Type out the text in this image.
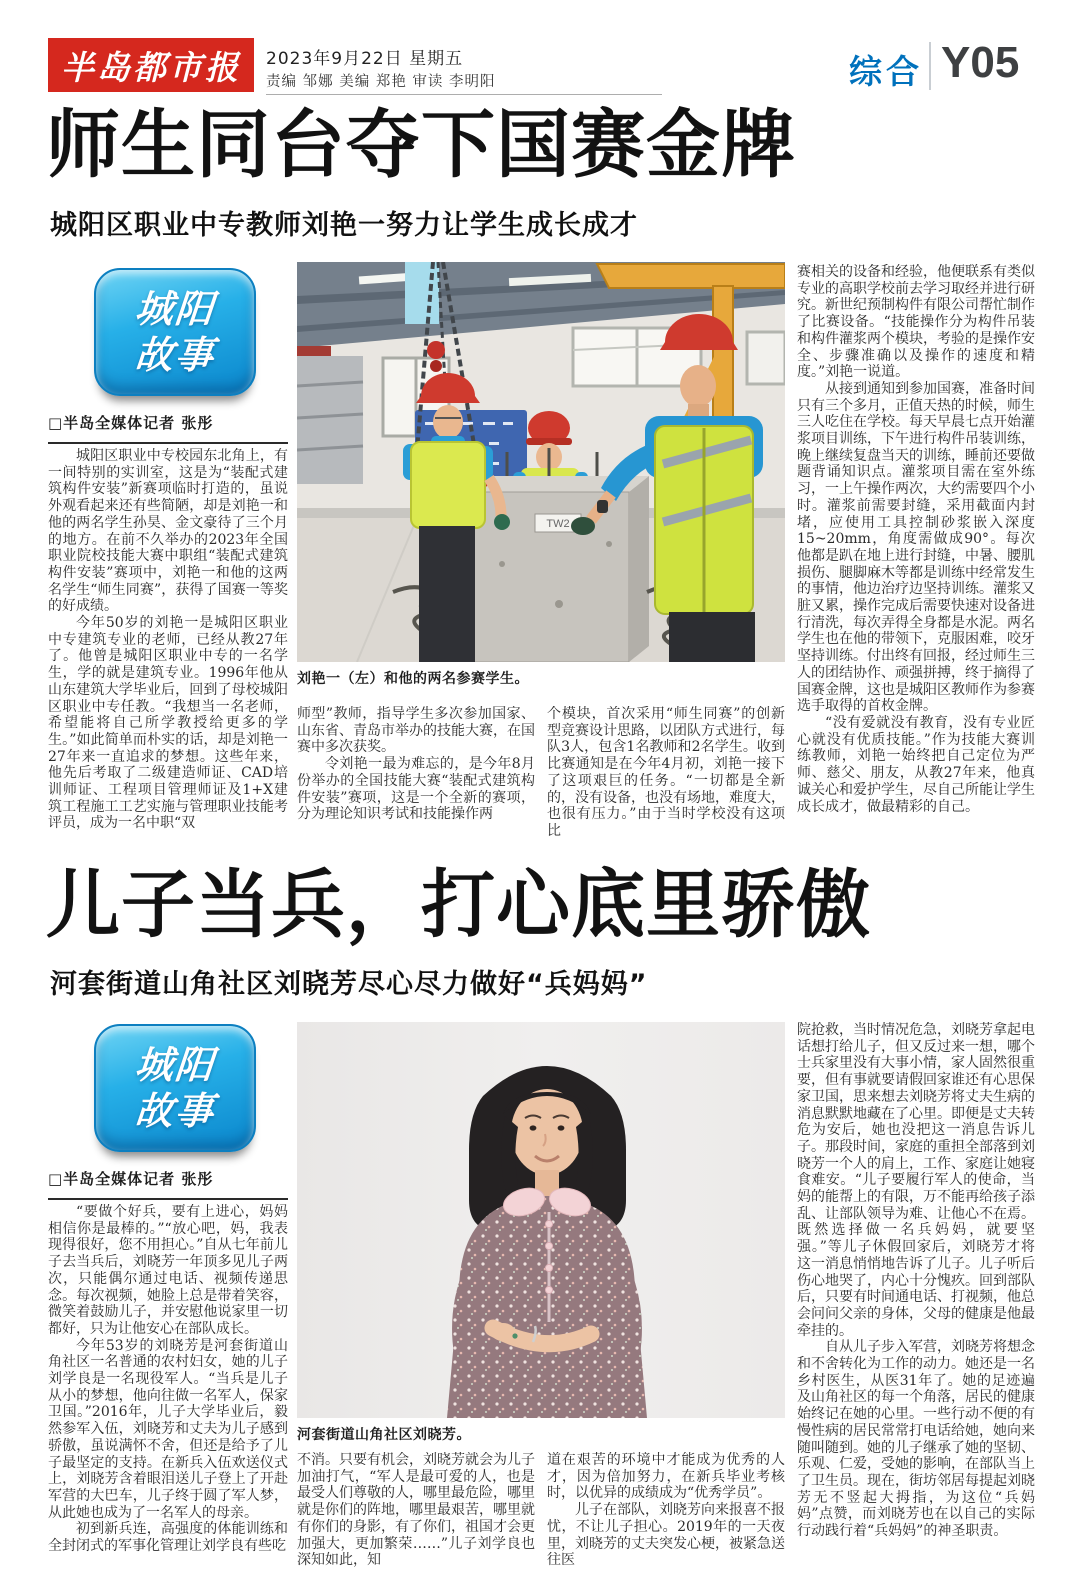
半岛都市报	2023年9月22日 星期五
责编 邹娜 美编 郑艳 审读 李明阳	综合 Y05
师生同台夺下国赛金牌
城阳区职业中专教师刘艳一努力让学生成长成才
城阳
故事
□半岛全媒体记者 张彤

城阳区职业中专校园东北角上，有一间特别的实训室，这是为“装配式建筑构件安装”新赛项临时打造的，虽说外观看起来还有些简陋，却是刘艳一和他的两名学生孙昊、金文豪待了三个月的地方。在前不久举办的2023年全国职业院校技能大赛中职组“装配式建筑构件安装”赛项中，刘艳一和他的这两名学生“师生同赛”，获得了国赛一等奖的好成绩。

今年50岁的刘艳一是城阳区职业中专建筑专业的老师，已经从教27年了。他曾是城阳区职业中专的一名学生，学的就是建筑专业。1996年他从山东建筑大学毕业后，回到了母校城阳区职业中专任教。“我想当一名老师，希望能将自己所学教授给更多的学生。”如此简单而朴实的话，却是刘艳一27年来一直追求的梦想。这些年来，他先后考取了二级建造师证、CAD培训师证、工程项目管理师证及1+X建筑工程施工工艺实施与管理职业技能考评员，成为一名中职“双

TW2
刘艳一（左）和他的两名参赛学生。

师型”教师，指导学生多次参加国家、山东省、青岛市举办的技能大赛，在国赛中多次获奖。

令刘艳一最为难忘的，是今年8月份举办的全国技能大赛“装配式建筑构件安装”赛项，这是一个全新的赛项，分为理论知识考试和技能操作两

个模块，首次采用“师生同赛”的创新型竞赛设计思路，以团队方式进行，每队3人，包含1名教师和2名学生。收到比赛通知是在今年4月初，刘艳一接下了这项艰巨的任务。“一切都是全新的，没有设备，也没有场地，难度大，也很有压力。”由于当时学校没有这项比

赛相关的设备和经验，他便联系有类似专业的高职学校前去学习取经并进行研究。新世纪预制构件有限公司帮忙制作了比赛设备。“技能操作分为构件吊装和构件灌浆两个模块，考验的是操作安全、步骤准确以及操作的速度和精度。”刘艳一说道。

从接到通知到参加国赛，准备时间只有三个多月，正值天热的时候，师生三人吃住在学校。每天早晨七点开始灌浆项目训练，下午进行构件吊装训练，晚上继续复盘当天的训练，睡前还要做题背诵知识点。灌浆项目需在室外练习，一上午操作两次，大约需要四个小时。灌浆前需要封缝，采用截面内封堵，应使用工具控制砂浆嵌入深度15~20mm，角度需做成90°。每次他都是趴在地上进行封缝，中暑、腰肌损伤、腿脚麻木等都是训练中经常发生的事情，他边治疗边坚持训练。灌浆又脏又累，操作完成后需要快速对设备进行清洗，每次弄得全身都是水泥。两名学生也在他的带领下，克服困难，咬牙坚持训练。付出终有回报，经过师生三人的团结协作、顽强拼搏，终于摘得了国赛金牌，这也是城阳区教师作为参赛选手取得的首枚金牌。

“没有爱就没有教育，没有专业匠心就没有优质技能。”作为技能大赛训练教师，刘艳一始终把自己定位为严师、慈父、朋友，从教27年来，他真诚关心和爱护学生，尽自己所能让学生成长成才，做最精彩的自己。

儿子当兵，打心底里骄傲
河套街道山角社区刘晓芳尽心尽力做好“兵妈妈”
城阳
故事
□半岛全媒体记者 张彤

“要做个好兵，要有上进心，妈妈相信你是最棒的。”“放心吧，妈，我表现得很好，您不用担心。”自从七年前儿子去当兵后，刘晓芳一年顶多见儿子两次，只能偶尔通过电话、视频传递思念。每次视频，她脸上总是带着笑容，微笑着鼓励儿子，并安慰他说家里一切都好，只为让他安心在部队成长。

今年53岁的刘晓芳是河套街道山角社区一名普通的农村妇女，她的儿子刘学良是一名现役军人。“当兵是儿子从小的梦想，他向往做一名军人，保家卫国。”2016年，儿子大学毕业后，毅然参军入伍，刘晓芳和丈夫为儿子感到骄傲，虽说满怀不舍，但还是给予了儿子最坚定的支持。在新兵入伍欢送仪式上，刘晓芳含着眼泪送儿子登上了开赴军营的大巴车，儿子终于圆了军人梦，从此她也成为了一名军人的母亲。

初到新兵连，高强度的体能训练和全封闭式的军事化管理让刘学良有些吃

河套街道山角社区刘晓芳。

不消。只要有机会，刘晓芳就会为儿子加油打气，“军人是最可爱的人，也是最受人们尊敬的人，哪里最危险，哪里就是你们的阵地，哪里最艰苦，哪里就有你们的身影，有了你们，祖国才会更加强大，更加繁荣……”儿子刘学良也深知如此，知

道在艰苦的环境中才能成为优秀的人才，因为倍加努力，在新兵毕业考核时，以优异的成绩成为“优秀学员”。

儿子在部队，刘晓芳向来报喜不报忧，不让儿子担心。2019年的一天夜里，刘晓芳的丈夫突发心梗，被紧急送往医

院抢救，当时情况危急，刘晓芳拿起电话想打给儿子，但又反过来一想，哪个士兵家里没有大事小情，家人固然很重要，但有事就要请假回家谁还有心思保家卫国，思来想去刘晓芳将丈夫生病的消息默默地藏在了心里。即便是丈夫转危为安后，她也没把这一消息告诉儿子。那段时间，家庭的重担全部落到刘晓芳一个人的肩上，工作、家庭让她寝食难安。“儿子要履行军人的使命，当妈的能帮上的有限，万不能再给孩子添乱、让部队领导为难、让他心不在焉。既然选择做一名兵妈妈，就要坚强。”等儿子休假回家后，刘晓芳才将这一消息悄悄地告诉了儿子。儿子听后伤心地哭了，内心十分愧疚。回到部队后，只要有时间通电话、打视频，他总会问问父亲的身体，父母的健康是他最牵挂的。

自从儿子步入军营，刘晓芳将想念和不舍转化为工作的动力。她还是一名乡村医生，从医31年了。她的足迹遍及山角社区的每一个角落，居民的健康始终记在她的心里。一些行动不便的有慢性病的居民常常打电话给她，她向来随叫随到。她的儿子继承了她的坚韧、乐观、仁爱，受她的影响，在部队当上了卫生员。现在，街坊邻居每提起刘晓芳无不竖起大拇指，为这位“兵妈妈”点赞，而刘晓芳也在以自己的实际行动践行着“兵妈妈”的神圣职责。
